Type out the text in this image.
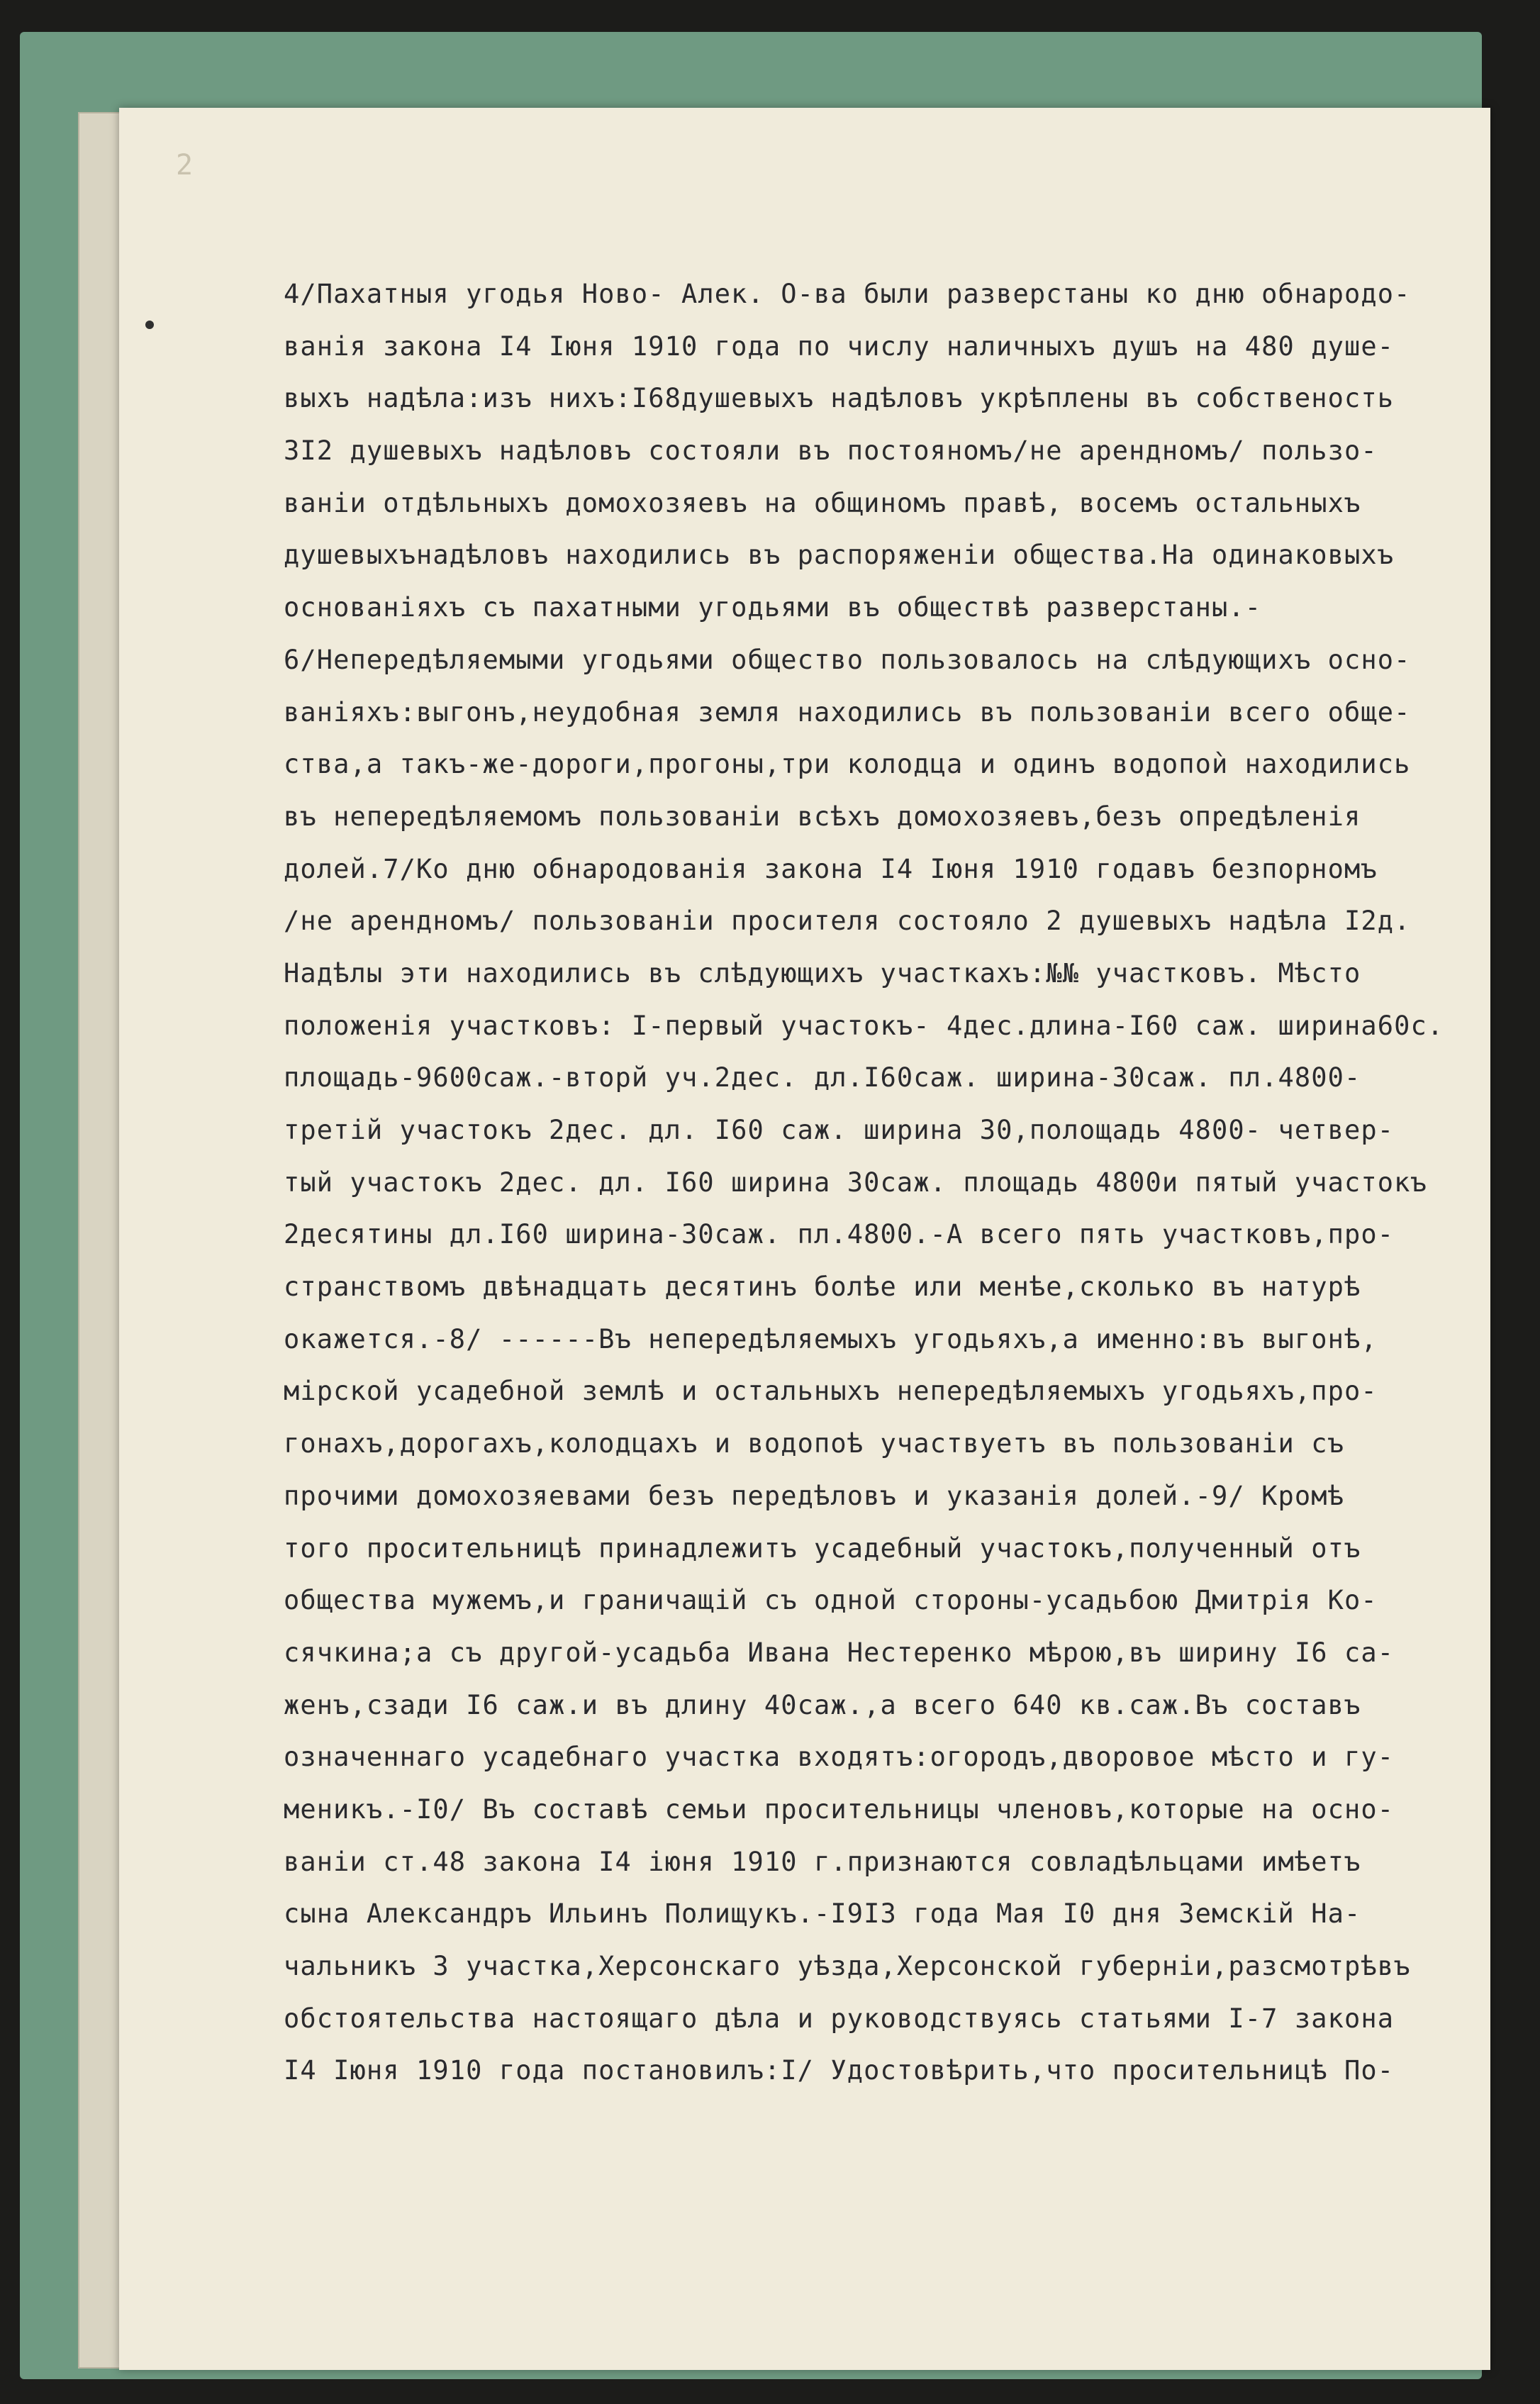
2
4/Пахатныя угодья Ново- Алек. О-ва были разверстаны ко дню обнародо-
ванія закона I4 Іюня 1910 года по числу наличныхъ душъ на 480 душе-
выхъ надѣла:изъ нихъ:I68душевыхъ надѣловъ укрѣплены въ собственость
3I2 душевыхъ надѣловъ состояли въ постояномъ/не арендномъ/ пользо-
ваніи отдѣльныхъ домохозяевъ на общиномъ правѣ, восемъ остальныхъ
душевыхънадѣловъ находились въ распоряженіи общества.На одинаковыхъ
основаніяхъ съ пахатными угодьями въ обществѣ разверстаны.-
6/Непередѣляемыми угодьями общество пользовалось на слѣдующихъ осно-
ваніяхъ:выгонъ,неудобная земля находились въ пользованіи всего обще-
ства,а такъ-же-дороги,прогоны,три колодца и одинъ водопоѝ находились
въ непередѣляемомъ пользованіи всѣхъ домохозяевъ,безъ опредѣленія
долей.7/Ко дню обнародованія закона I4 Іюня 1910 годавъ безпорномъ
/не арендномъ/ пользованіи просителя состояло 2 душевыхъ надѣла I2д.
Надѣлы эти находились въ слѣдующихъ участкахъ:№№ участковъ. Мѣсто
положенія участковъ: I-первый участокъ- 4дес.длина-I60 саж. ширина60с.
площадь-9600саж.-вторй уч.2дес. дл.I60саж. ширина-30саж. пл.4800-
третій участокъ 2дес. дл. I60 саж. ширина 30,полощадь 4800- четвер-
тый участокъ 2дес. дл. I60 ширина 30саж. площадь 4800и пятый участокъ
2десятины дл.I60 ширина-30саж. пл.4800.-А всего пять участковъ,про-
странствомъ двѣнадцать десятинъ болѣе или менѣе,сколько въ натурѣ
окажется.-8/ ------Въ непередѣляемыхъ угодьяхъ,а именно:въ выгонѣ,
мірской усадебной землѣ и остальныхъ непередѣляемыхъ угодьяхъ,про-
гонахъ,дорогахъ,колодцахъ и водопоѣ участвуетъ въ пользованіи съ
прочими домохозяевами безъ передѣловъ и указанія долей.-9/ Кромѣ
того просительницѣ принадлежитъ усадебный участокъ,полученный отъ
общества мужемъ,и граничащій съ одной стороны-усадьбою Дмитрія Ко-
сячкина;а съ другой-усадьба Ивана Нестеренко мѣрою,въ ширину I6 са-
женъ,сзади I6 саж.и въ длину 40саж.,а всего 640 кв.саж.Въ составъ
означеннаго усадебнаго участка входятъ:огородъ,дворовое мѣсто и гу-
меникъ.-I0/ Въ составѣ семьи просительницы членовъ,которые на осно-
ваніи ст.48 закона I4 іюня 1910 г.признаются совладѣльцами имѣетъ
сына Александръ Ильинъ Полищукъ.-I9I3 года Мая I0 дня Земскій На-
чальникъ 3 участка,Херсонскаго уѣзда,Херсонской губерніи,разсмотрѣвъ
обстоятельства настоящаго дѣла и руководствуясь статьями I-7 закона
I4 Іюня 1910 года постановилъ:I/ Удостовѣрить,что просительницѣ По-
